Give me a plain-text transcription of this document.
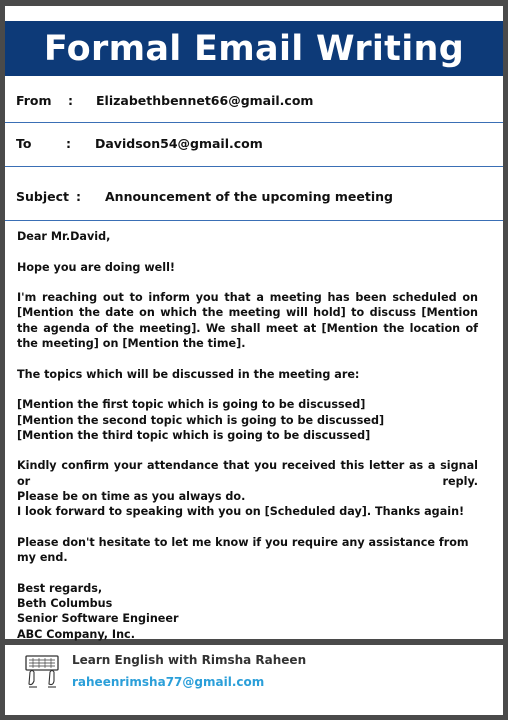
Formal Email Writing
From : Elizabethbennet66@gmail.com
To	: Davidson54@gmail.com
Subject : Announcement of the upcoming meeting

Dear Mr.David,

Hope you are doing well!

I'm reaching out to inform you that a meeting has been scheduled on [Mention the date on which the meeting will hold] to discuss [Mention the agenda of the meeting]. We shall meet at [Mention the location of the meeting] on [Mention the time].

The topics which will be discussed in the meeting are:

[Mention the first topic which is going to be discussed]
[Mention the second topic which is going to be discussed]
[Mention the third topic which is going to be discussed]

Kindly confirm your attendance that you received this letter as a signal or reply.
Please be on time as you always do.
I look forward to speaking with you on [Scheduled day]. Thanks again!

Please don't hesitate to let me know if you require any assistance from my end.

Best regards,
Beth Columbus
Senior Software Engineer
ABC Company, Inc.

Learn English with Rimsha Raheen
raheenrimsha77@gmail.com
